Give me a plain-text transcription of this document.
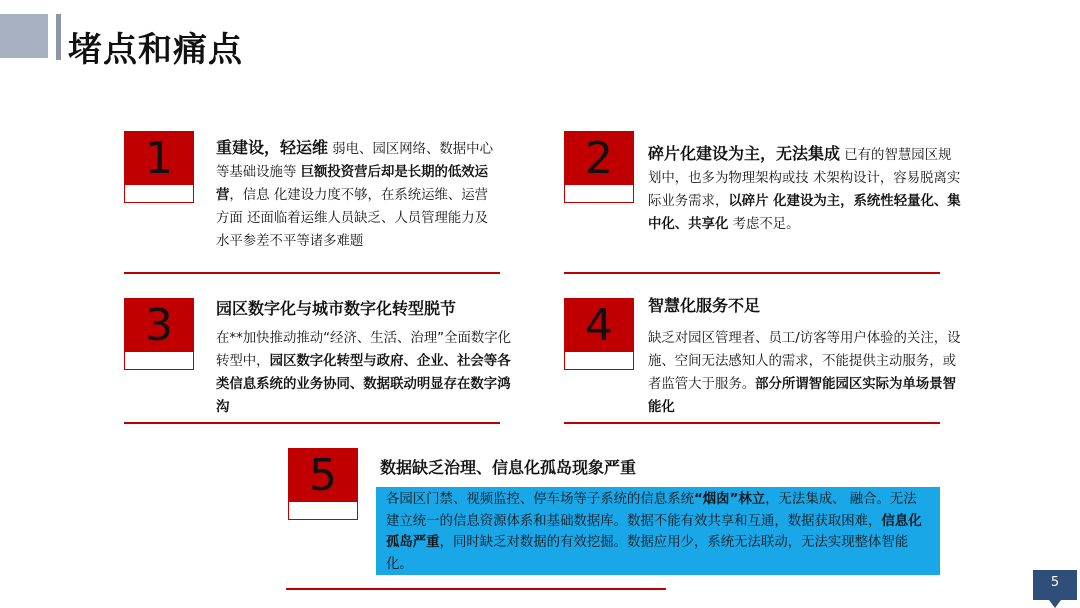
堵点和痛点
1	重建设，轻运维 弱电、园区网络、数据中心等基础设施等 巨额投资营后却是长期的低效运营，信息 化建设力度不够，在系统运维、运营方面 还面临着运维人员缺乏、人员管理能力及 水平参差不平等诸多难题
2	碎片化建设为主，无法集成 已有的智慧园区规划中，也多为物理架构或技 术架构设计，容易脱离实际业务需求，以碎片 化建设为主，系统性轻量化、集中化、共享化 考虑不足。
3	园区数字化与城市数字化转型脱节
在**加快推动推动“经济、生活、治理”全面数字化转型中，园区数字化转型与政府、企业、社会等各类信息系统的业务协同、数据联动明显存在数字鸿沟
4	智慧化服务不足
缺乏对园区管理者、员工/访客等用户体验的关注，设施、空间无法感知人的需求，不能提供主动服务，或者监管大于服务。部分所谓智能园区实际为单场景智能化
5	数据缺乏治理、信息化孤岛现象严重
各园区门禁、视频监控、停车场等子系统的信息系统“烟囱”林立，无法集成、 融合。无法建立统一的信息资源体系和基础数据库。数据不能有效共享和互通，数据获取困难，信息化孤岛严重，同时缺乏对数据的有效挖掘。数据应用少，系统无法联动，无法实现整体智能化。
5
